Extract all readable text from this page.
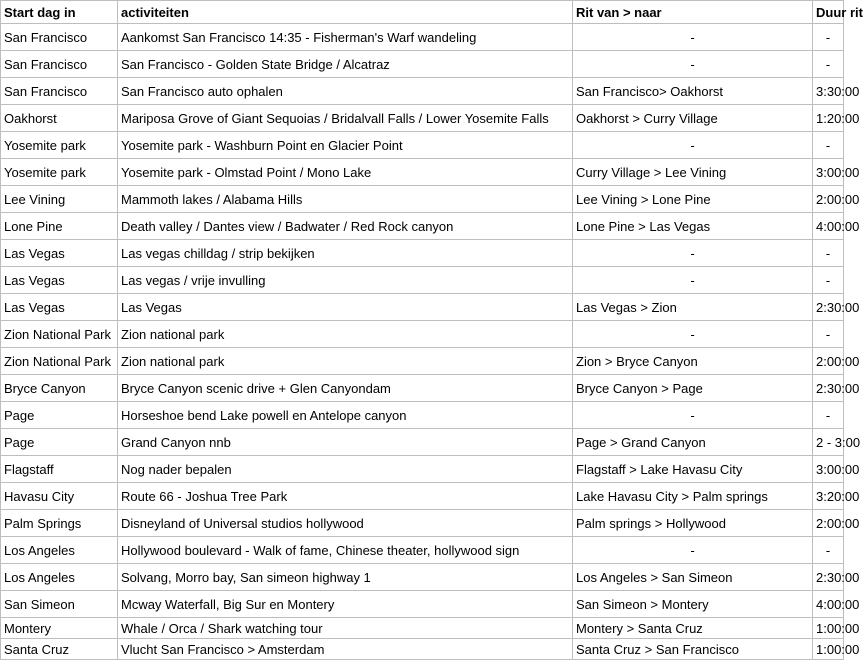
Start dag in	activiteiten	Rit van > naar	Duur rit
San Francisco	Aankomst San Francisco 14:35 - Fisherman's Warf wandeling	-	-
San Francisco	San Francisco - Golden State Bridge / Alcatraz	-	-
San Francisco	San Francisco auto ophalen	San Francisco> Oakhorst	3:30:00
Oakhorst	Mariposa Grove of Giant Sequoias / Bridalvall Falls / Lower Yosemite Falls	Oakhorst > Curry Village	1:20:00
Yosemite park	Yosemite park - Washburn Point en Glacier Point	-	-
Yosemite park	Yosemite park - Olmstad Point / Mono Lake	Curry Village > Lee Vining	3:00:00
Lee Vining	Mammoth lakes / Alabama Hills	Lee Vining > Lone Pine	2:00:00
Lone Pine	Death valley / Dantes view / Badwater / Red Rock canyon	Lone Pine > Las Vegas	4:00:00
Las Vegas	Las vegas chilldag / strip bekijken	-	-
Las Vegas	Las vegas / vrije invulling	-	-
Las Vegas	Las Vegas	Las Vegas > Zion	2:30:00
Zion National Park	Zion national park	-	-
Zion National Park	Zion national park	Zion > Bryce Canyon	2:00:00
Bryce Canyon	Bryce Canyon scenic drive + Glen Canyondam	Bryce Canyon > Page	2:30:00
Page	Horseshoe bend Lake powell en Antelope canyon	-	-
Page	Grand Canyon nnb	Page > Grand Canyon	2 - 3:00
Flagstaff	Nog nader bepalen	Flagstaff > Lake Havasu City	3:00:00
Havasu City	Route 66 - Joshua Tree Park	Lake Havasu City > Palm springs	3:20:00
Palm Springs	Disneyland of Universal studios hollywood	Palm springs > Hollywood	2:00:00
Los Angeles	Hollywood boulevard - Walk of fame, Chinese theater, hollywood sign	-	-
Los Angeles	Solvang, Morro bay, San simeon highway 1	Los Angeles > San Simeon	2:30:00
San Simeon	Mcway Waterfall, Big Sur en Montery	San Simeon > Montery	4:00:00
Montery	Whale / Orca / Shark watching tour	Montery > Santa Cruz	1:00:00
Santa Cruz	Vlucht San Francisco > Amsterdam	Santa Cruz > San Francisco	1:00:00
